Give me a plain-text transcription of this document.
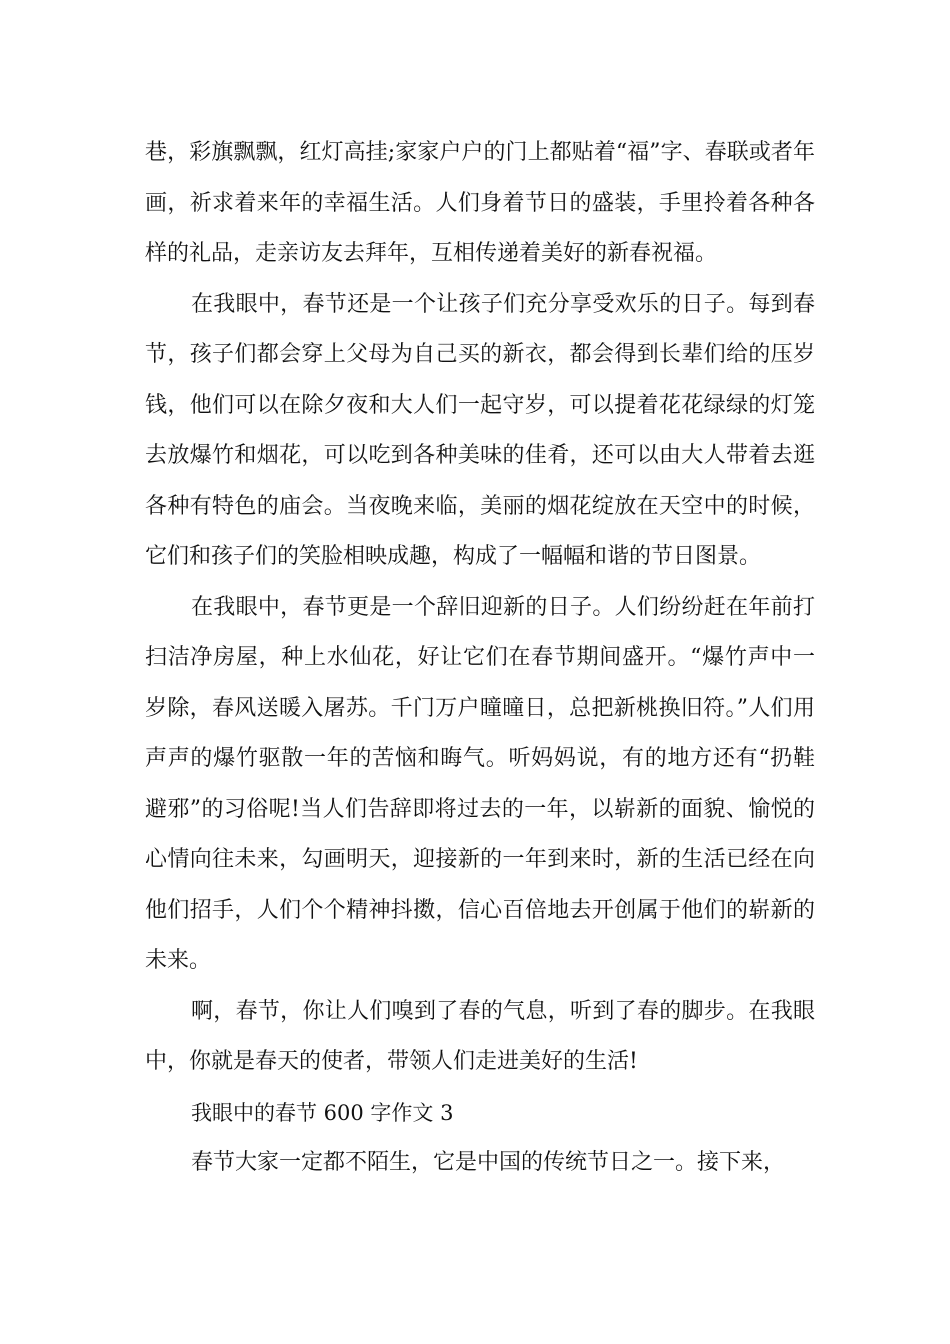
巷，彩旗飘飘，红灯高挂;家家户户的门上都贴着“福”字、春联或者年画，祈求着来年的幸福生活。人们身着节日的盛装，手里拎着各种各样的礼品，走亲访友去拜年，互相传递着美好的新春祝福。

在我眼中，春节还是一个让孩子们充分享受欢乐的日子。每到春节，孩子们都会穿上父母为自己买的新衣，都会得到长辈们给的压岁钱，他们可以在除夕夜和大人们一起守岁，可以提着花花绿绿的灯笼去放爆竹和烟花，可以吃到各种美味的佳肴，还可以由大人带着去逛各种有特色的庙会。当夜晚来临，美丽的烟花绽放在天空中的时候，它们和孩子们的笑脸相映成趣，构成了一幅幅和谐的节日图景。

在我眼中，春节更是一个辞旧迎新的日子。人们纷纷赶在年前打扫洁净房屋，种上水仙花，好让它们在春节期间盛开。“爆竹声中一岁除，春风送暖入屠苏。千门万户曈曈日，总把新桃换旧符。”人们用声声的爆竹驱散一年的苦恼和晦气。听妈妈说，有的地方还有“扔鞋避邪”的习俗呢!当人们告辞即将过去的一年，以崭新的面貌、愉悦的心情向往未来，勾画明天，迎接新的一年到来时，新的生活已经在向他们招手，人们个个精神抖擞，信心百倍地去开创属于他们的崭新的未来。

啊，春节，你让人们嗅到了春的气息，听到了春的脚步。在我眼中，你就是春天的使者，带领人们走进美好的生活!

我眼中的春节 600 字作文 3

春节大家一定都不陌生，它是中国的传统节日之一。接下来，
